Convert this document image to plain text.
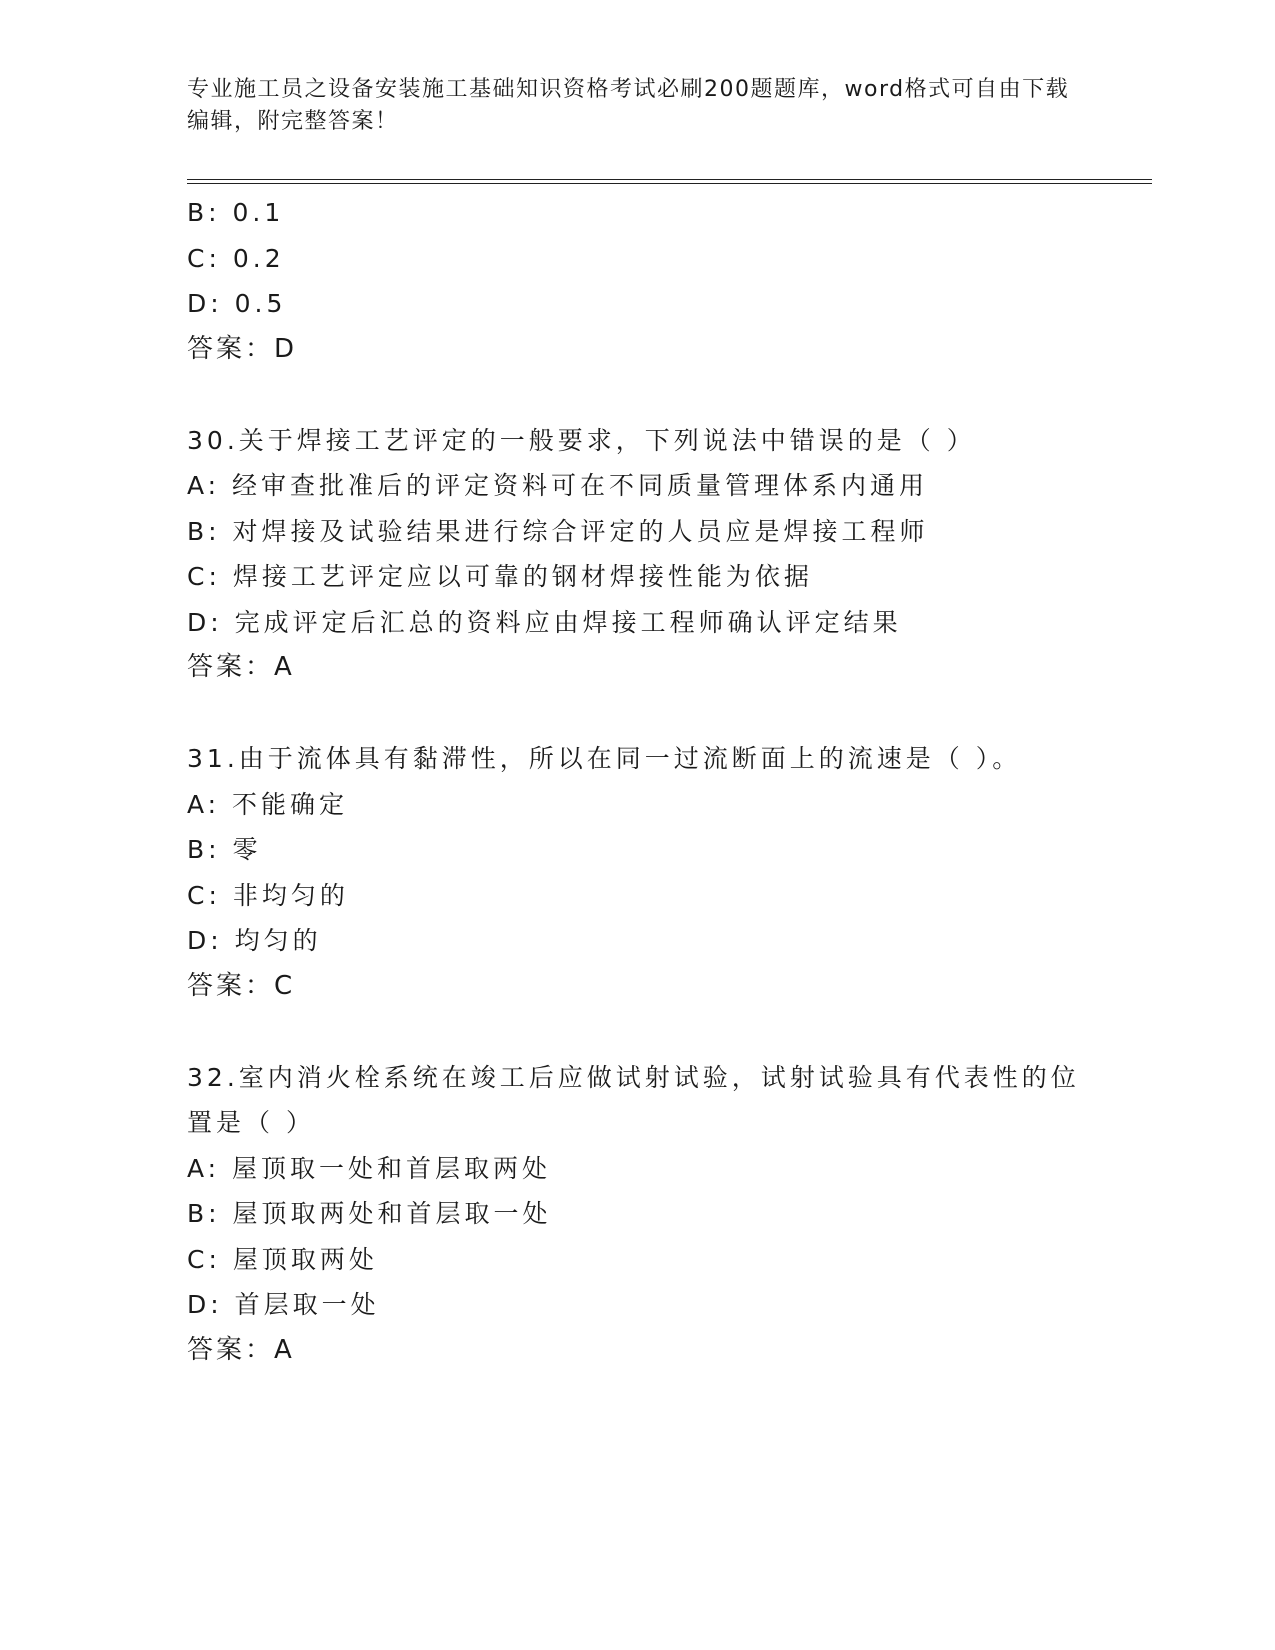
专业施工员之设备安装施工基础知识资格考试必刷200题题库，word格式可自由下载编辑，附完整答案！
B: 0.1
C: 0.2
D: 0.5
答案：D
30.关于焊接工艺评定的一般要求，下列说法中错误的是（ ）
A: 经审查批准后的评定资料可在不同质量管理体系内通用
B: 对焊接及试验结果进行综合评定的人员应是焊接工程师
C: 焊接工艺评定应以可靠的钢材焊接性能为依据
D: 完成评定后汇总的资料应由焊接工程师确认评定结果
答案：A
31.由于流体具有黏滞性，所以在同一过流断面上的流速是（ ）。
A: 不能确定
B: 零
C: 非均匀的
D: 均匀的
答案：C
32.室内消火栓系统在竣工后应做试射试验，试射试验具有代表性的位置是（ ）
A: 屋顶取一处和首层取两处
B: 屋顶取两处和首层取一处
C: 屋顶取两处
D: 首层取一处
答案：A
